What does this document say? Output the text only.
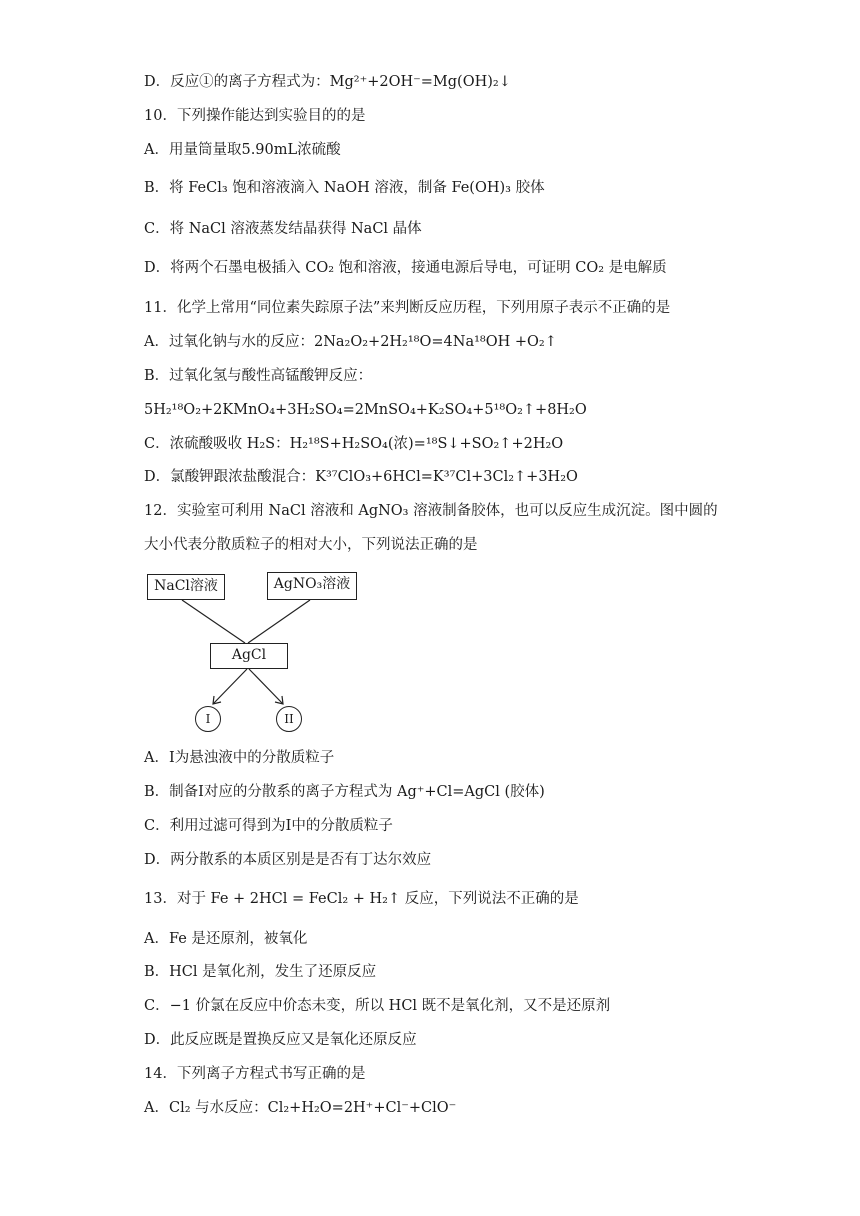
D．反应①的离子方程式为：Mg²⁺+2OH⁻=Mg(OH)₂↓
10．下列操作能达到实验目的的是
A．用量筒量取5.90mL浓硫酸
B．将 FeCl₃ 饱和溶液滴入 NaOH 溶液，制备 Fe(OH)₃ 胶体
C．将 NaCl 溶液蒸发结晶获得 NaCl 晶体
D．将两个石墨电极插入 CO₂ 饱和溶液，接通电源后导电，可证明 CO₂ 是电解质
11．化学上常用“同位素失踪原子法”来判断反应历程，下列用原子表示不正确的是
A．过氧化钠与水的反应：2Na₂O₂+2H₂¹⁸O=4Na¹⁸OH +O₂↑
B．过氧化氢与酸性高锰酸钾反应：
5H₂¹⁸O₂+2KMnO₄+3H₂SO₄=2MnSO₄+K₂SO₄+5¹⁸O₂↑+8H₂O
C．浓硫酸吸收 H₂S：H₂¹⁸S+H₂SO₄(浓)=¹⁸S↓+SO₂↑+2H₂O
D．氯酸钾跟浓盐酸混合：K³⁷ClO₃+6HCl=K³⁷Cl+3Cl₂↑+3H₂O
12．实验室可利用 NaCl 溶液和 AgNO₃ 溶液制备胶体，也可以反应生成沉淀。图中圆的
大小代表分散质粒子的相对大小，下列说法正确的是
NaCl溶液	AgNO₃溶液
AgCl
I	II
A．I为悬浊液中的分散质粒子
B．制备I对应的分散系的离子方程式为 Ag⁺+Cl=AgCl (胶体)
C．利用过滤可得到为I中的分散质粒子
D．两分散系的本质区别是是否有丁达尔效应
13．对于 Fe + 2HCl = FeCl₂ + H₂↑ 反应，下列说法不正确的是
A．Fe 是还原剂，被氧化
B．HCl 是氧化剂，发生了还原反应
C．−1 价氯在反应中价态未变，所以 HCl 既不是氧化剂，又不是还原剂
D．此反应既是置换反应又是氧化还原反应
14．下列离子方程式书写正确的是
A．Cl₂ 与水反应：Cl₂+H₂O=2H⁺+Cl⁻+ClO⁻
